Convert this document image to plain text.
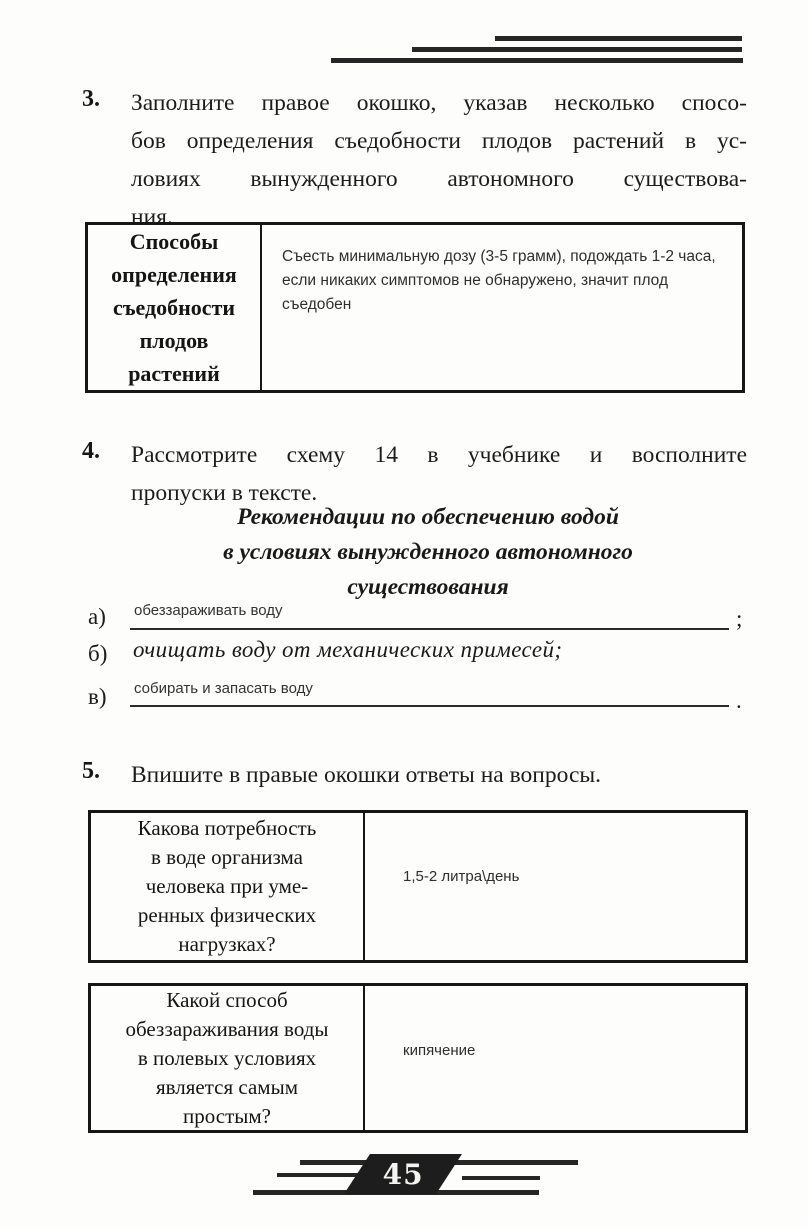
3. Заполните правое окошко, указав несколько спосо-
бов определения съедобности плодов растений в ус-
ловиях вынужденного автономного существова-
ния.
Способы
определения
съедобности
плодов
растений
Съесть минимальную дозу (3-5 грамм), подождать 1-2 часа, если никаких симптомов не обнаружено, значит плод съедобен
4. Рассмотрите схему 14 в учебнике и восполните
пропуски в тексте.
Рекомендации по обеспечению водой
в условиях вынужденного автономного
существования
а) обеззараживать воду	;
б) очищать воду от механических примесей;
в) собирать и запасать воду	.
5. Впишите в правые окошки ответы на вопросы.
Какова потребность
в воде организма
человека при уме-
ренных физических
нагрузках?
1,5-2 литра\день
Какой способ
обеззараживания воды
в полевых условиях
является самым
простым?
кипячение
45
